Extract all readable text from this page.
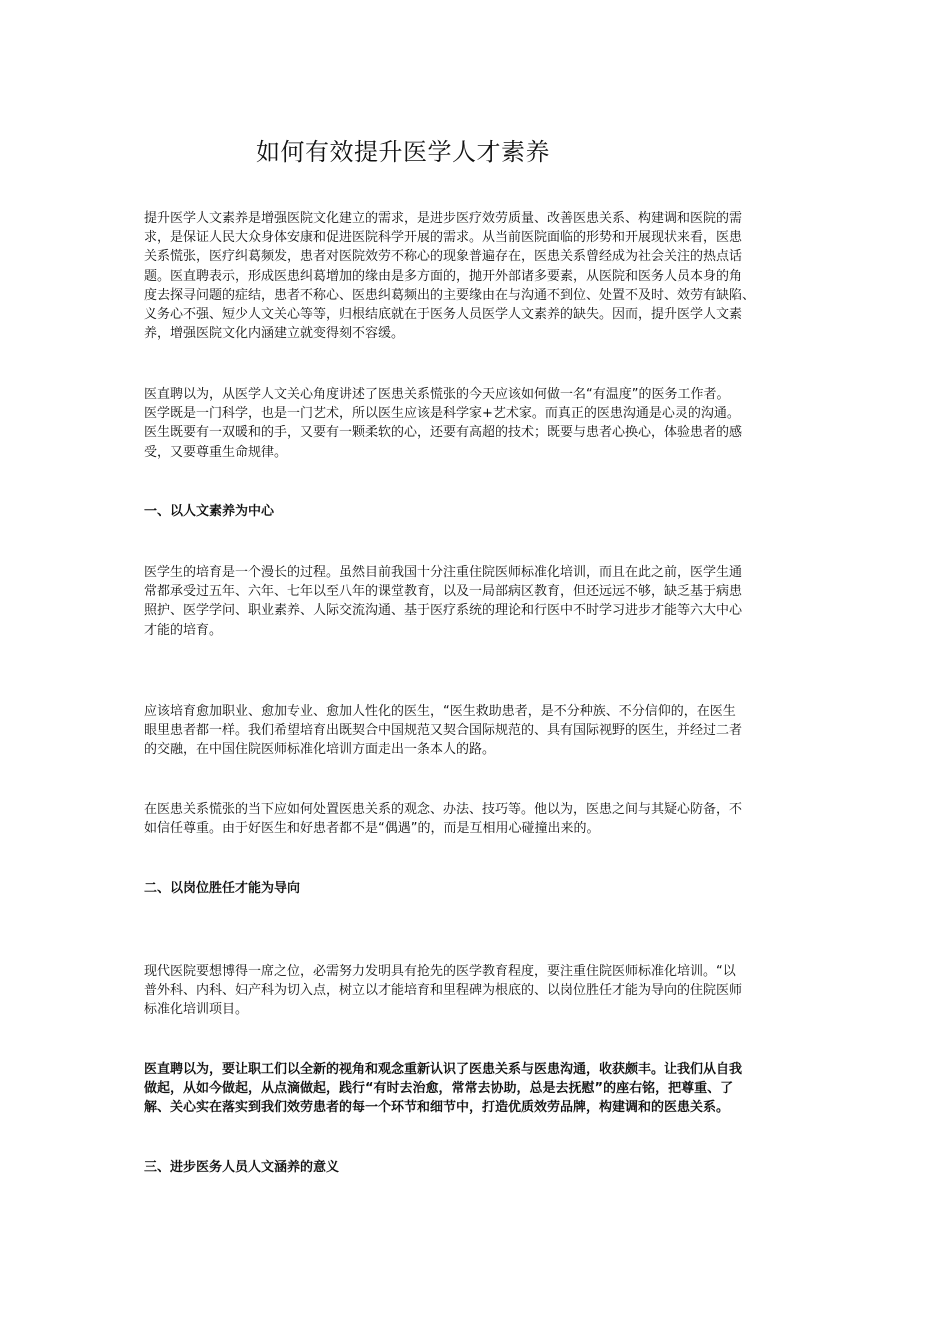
如何有效提升医学人才素养
提升医学人文素养是增强医院文化建立的需求，是进步医疗效劳质量、改善医患关系、构建调和医院的需
求，是保证人民大众身体安康和促进医院科学开展的需求。从当前医院面临的形势和开展现状来看，医患
关系慌张，医疗纠葛频发，患者对医院效劳不称心的现象普遍存在，医患关系曾经成为社会关注的热点话
题。医直聘表示，形成医患纠葛增加的缘由是多方面的，抛开外部诸多要素，从医院和医务人员本身的角
度去探寻问题的症结，患者不称心、医患纠葛频出的主要缘由在与沟通不到位、处置不及时、效劳有缺陷、
义务心不强、短少人文关心等等，归根结底就在于医务人员医学人文素养的缺失。因而，提升医学人文素
养，增强医院文化内涵建立就变得刻不容缓。
医直聘以为，从医学人文关心角度讲述了医患关系慌张的今天应该如何做一名“有温度”的医务工作者。
医学既是一门科学，也是一门艺术，所以医生应该是科学家+艺术家。而真正的医患沟通是心灵的沟通。
医生既要有一双暖和的手，又要有一颗柔软的心，还要有高超的技术；既要与患者心换心，体验患者的感
受，又要尊重生命规律。
一、以人文素养为中心
医学生的培育是一个漫长的过程。虽然目前我国十分注重住院医师标准化培训，而且在此之前，医学生通
常都承受过五年、六年、七年以至八年的课堂教育，以及一局部病区教育，但还远远不够，缺乏基于病患
照护、医学学问、职业素养、人际交流沟通、基于医疗系统的理论和行医中不时学习进步才能等六大中心
才能的培育。
应该培育愈加职业、愈加专业、愈加人性化的医生，“医生救助患者，是不分种族、不分信仰的，在医生
眼里患者都一样。我们希望培育出既契合中国规范又契合国际规范的、具有国际视野的医生，并经过二者
的交融，在中国住院医师标准化培训方面走出一条本人的路。
在医患关系慌张的当下应如何处置医患关系的观念、办法、技巧等。他以为，医患之间与其疑心防备，不
如信任尊重。由于好医生和好患者都不是“偶遇”的，而是互相用心碰撞出来的。
二、以岗位胜任才能为导向
现代医院要想博得一席之位，必需努力发明具有抢先的医学教育程度，要注重住院医师标准化培训。“以
普外科、内科、妇产科为切入点，树立以才能培育和里程碑为根底的、以岗位胜任才能为导向的住院医师
标准化培训项目。
医直聘以为，要让职工们以全新的视角和观念重新认识了医患关系与医患沟通，收获颇丰。让我们从自我
做起，从如今做起，从点滴做起，践行“有时去治愈，常常去协助，总是去抚慰”的座右铭，把尊重、了
解、关心实在落实到我们效劳患者的每一个环节和细节中，打造优质效劳品牌，构建调和的医患关系。
三、进步医务人员人文涵养的意义
